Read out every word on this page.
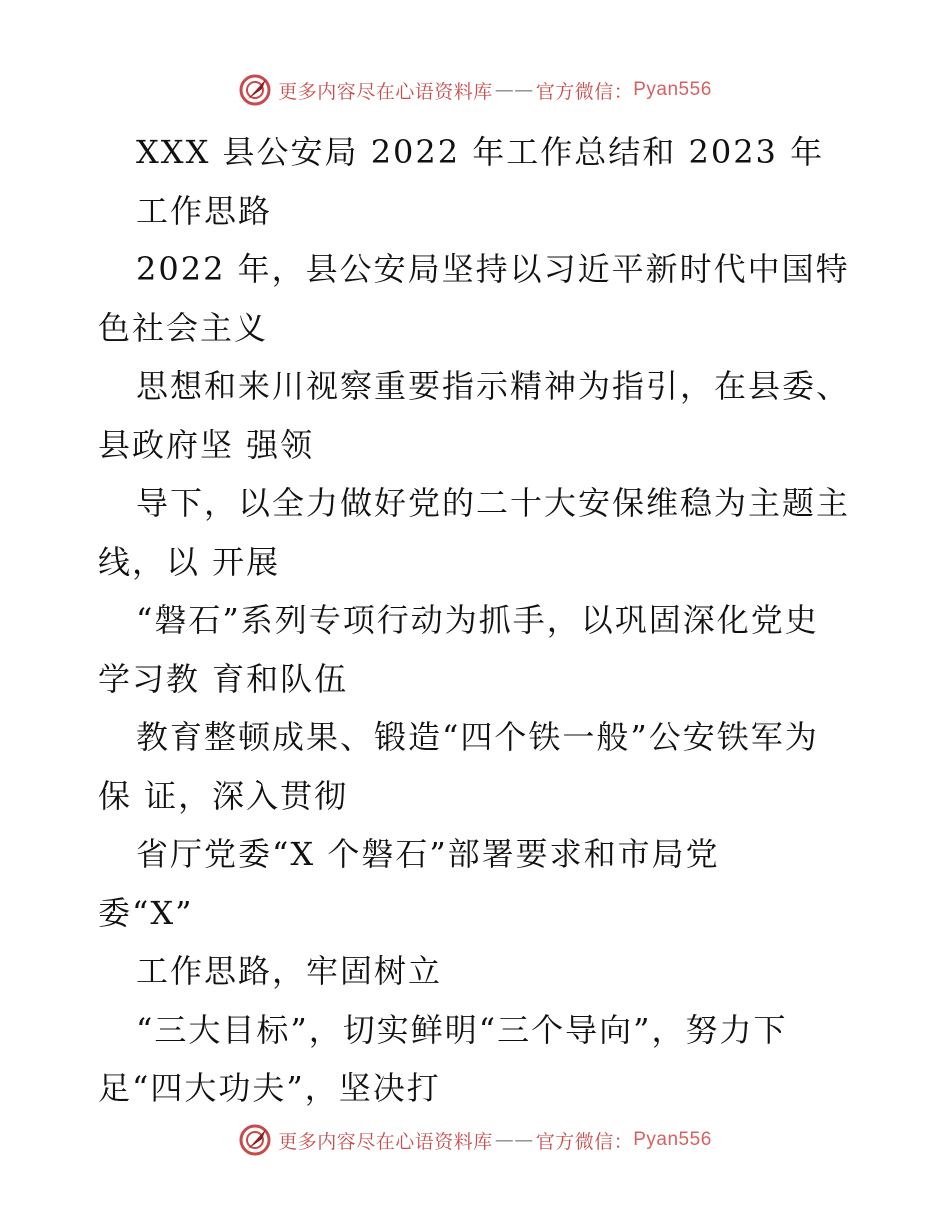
更多内容尽在心语资料库 —— 官方微信： Pyan556
XXX 县公安局 2022 年工作总结和 2023 年
工作思路
2022 年，县公安局坚持以习近平新时代中国特
色社会主义
思想和来川视察重要指示精神为指引，在县委、
县政府坚 强领
导下，以全力做好党的二十大安保维稳为主题主
线，以 开展
“磐石”系列专项行动为抓手，以巩固深化党史
学习教 育和队伍
教育整顿成果、锻造“四个铁一般”公安铁军为
保 证，深入贯彻
省厅党委“X 个磐石”部署要求和市局党
委“X”
工作思路，牢固树立
“三大目标”，切实鲜明“三个导向”，努力下
足“四大功夫”，坚决打
更多内容尽在心语资料库 —— 官方微信： Pyan556
